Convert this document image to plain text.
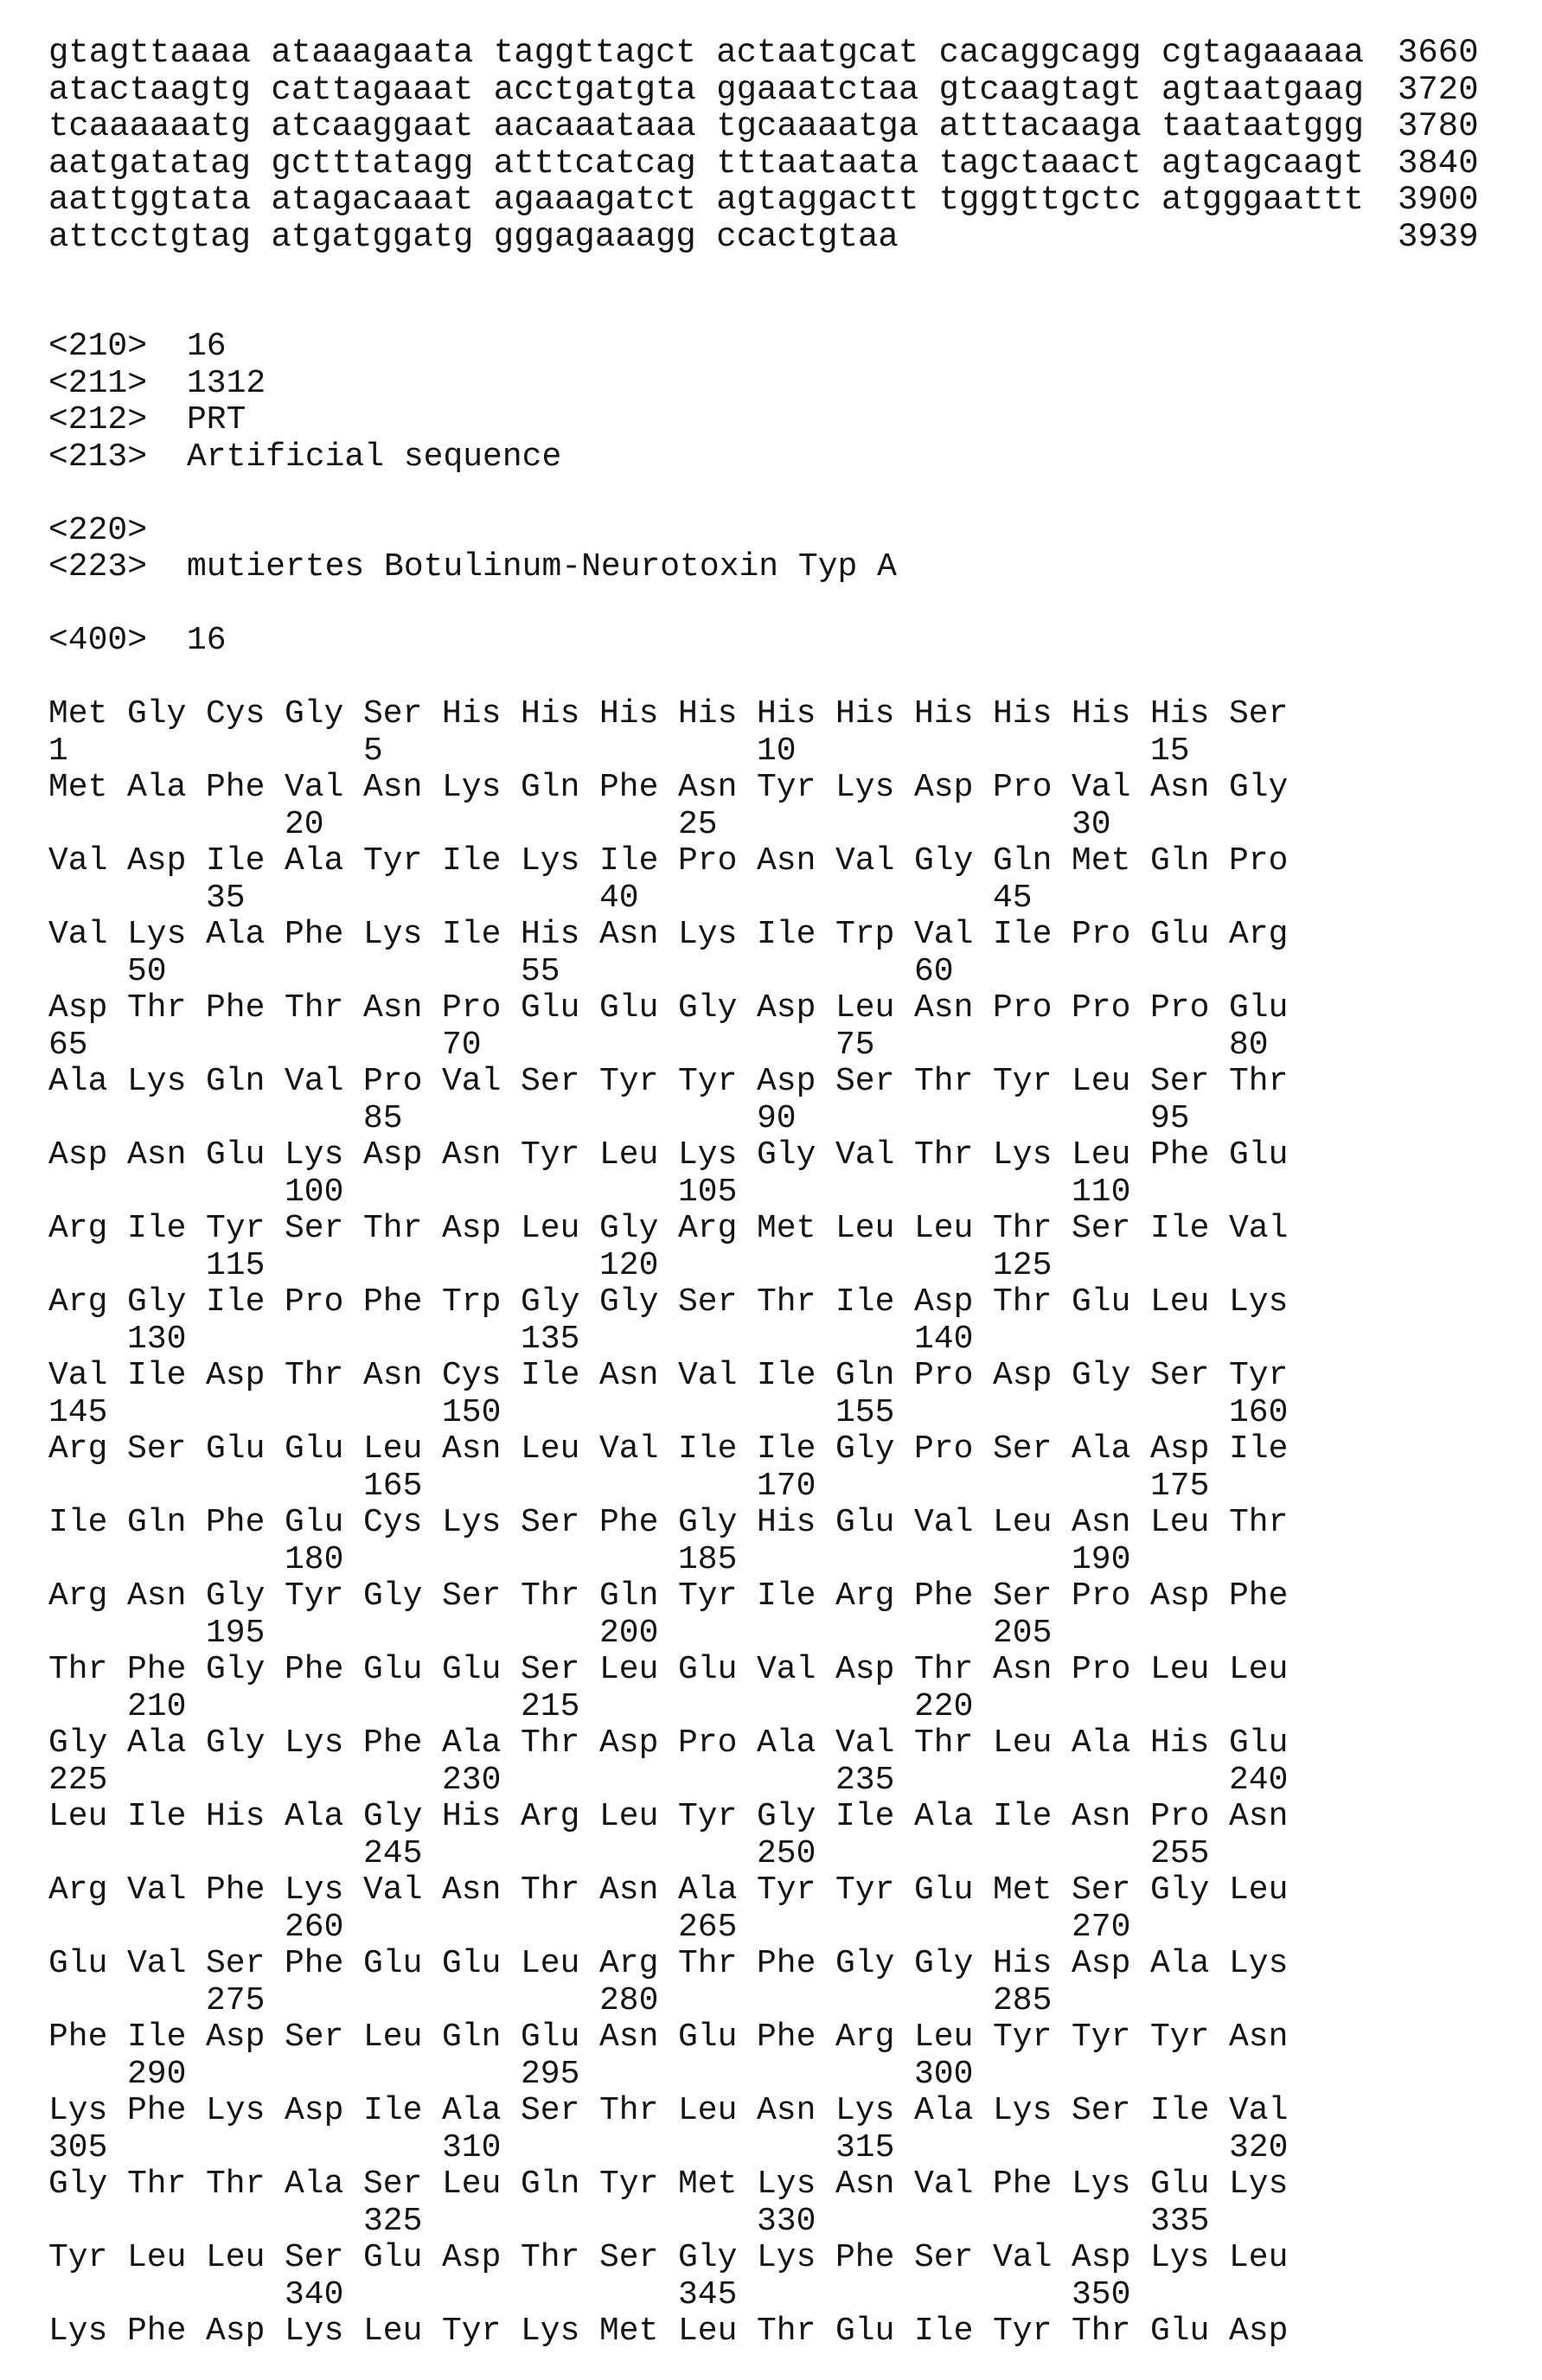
gtagttaaaa ataaagaata taggttagct actaatgcat cacaggcagg cgtagaaaaa 3660
atactaagtg cattagaaat acctgatgta ggaaatctaa gtcaagtagt agtaatgaag 3720
tcaaaaaatg atcaaggaat aacaaataaa tgcaaaatga atttacaaga taataatggg 3780
aatgatatag gctttatagg atttcatcag tttaataata tagctaaact agtagcaagt 3840
aattggtata atagacaaat agaaagatct agtaggactt tgggttgctc atgggaattt 3900
attcctgtag atgatggatg gggagaaagg ccactgtaa	3939
<210> 16
<211> 1312
<212> PRT
<213> Artificial sequence
<220>
<223> mutiertes Botulinum-Neurotoxin Typ A
<400> 16
Met Gly Cys Gly Ser His His His His His His His His His His Ser
1	5	10	15
Met Ala Phe Val Asn Lys Gln Phe Asn Tyr Lys Asp Pro Val Asn Gly
20	25	30
Val Asp Ile Ala Tyr Ile Lys Ile Pro Asn Val Gly Gln Met Gln Pro
35	40	45
Val Lys Ala Phe Lys Ile His Asn Lys Ile Trp Val Ile Pro Glu Arg
50	55	60
Asp Thr Phe Thr Asn Pro Glu Glu Gly Asp Leu Asn Pro Pro Pro Glu
65	70	75	80
Ala Lys Gln Val Pro Val Ser Tyr Tyr Asp Ser Thr Tyr Leu Ser Thr
85	90	95
Asp Asn Glu Lys Asp Asn Tyr Leu Lys Gly Val Thr Lys Leu Phe Glu
100	105	110
Arg Ile Tyr Ser Thr Asp Leu Gly Arg Met Leu Leu Thr Ser Ile Val
115	120	125
Arg Gly Ile Pro Phe Trp Gly Gly Ser Thr Ile Asp Thr Glu Leu Lys
130	135	140
Val Ile Asp Thr Asn Cys Ile Asn Val Ile Gln Pro Asp Gly Ser Tyr
145	150	155	160
Arg Ser Glu Glu Leu Asn Leu Val Ile Ile Gly Pro Ser Ala Asp Ile
165	170	175
Ile Gln Phe Glu Cys Lys Ser Phe Gly His Glu Val Leu Asn Leu Thr
180	185	190
Arg Asn Gly Tyr Gly Ser Thr Gln Tyr Ile Arg Phe Ser Pro Asp Phe
195	200	205
Thr Phe Gly Phe Glu Glu Ser Leu Glu Val Asp Thr Asn Pro Leu Leu
210	215	220
Gly Ala Gly Lys Phe Ala Thr Asp Pro Ala Val Thr Leu Ala His Glu
225	230	235	240
Leu Ile His Ala Gly His Arg Leu Tyr Gly Ile Ala Ile Asn Pro Asn
245	250	255
Arg Val Phe Lys Val Asn Thr Asn Ala Tyr Tyr Glu Met Ser Gly Leu
260	265	270
Glu Val Ser Phe Glu Glu Leu Arg Thr Phe Gly Gly His Asp Ala Lys
275	280	285
Phe Ile Asp Ser Leu Gln Glu Asn Glu Phe Arg Leu Tyr Tyr Tyr Asn
290	295	300
Lys Phe Lys Asp Ile Ala Ser Thr Leu Asn Lys Ala Lys Ser Ile Val
305	310	315	320
Gly Thr Thr Ala Ser Leu Gln Tyr Met Lys Asn Val Phe Lys Glu Lys
325	330	335
Tyr Leu Leu Ser Glu Asp Thr Ser Gly Lys Phe Ser Val Asp Lys Leu
340	345	350
Lys Phe Asp Lys Leu Tyr Lys Met Leu Thr Glu Ile Tyr Thr Glu Asp
